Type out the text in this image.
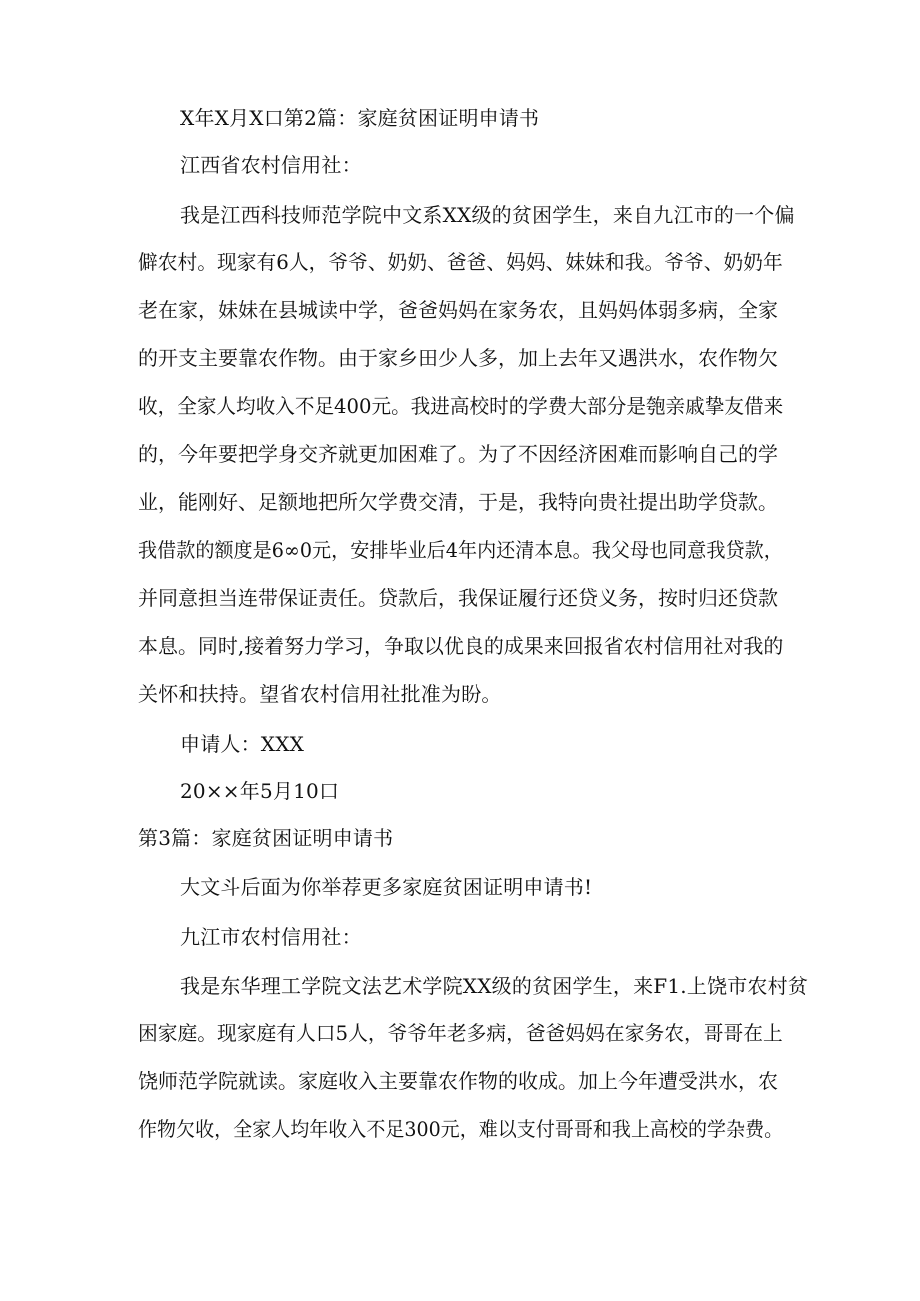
X年X月X口第2篇：家庭贫困证明申请书
江西省农村信用社：
我是江西科技师范学院中文系XX级的贫困学生，来自九江市的一个偏
僻农村。现家有6人，爷爷、奶奶、爸爸、妈妈、妹妹和我。爷爷、奶奶年
老在家，妹妹在县城读中学，爸爸妈妈在家务农，且妈妈体弱多病，全家
的开支主要靠农作物。由于家乡田少人多，加上去年又遇洪水，农作物欠
收，全家人均收入不足400元。我进高校时的学费大部分是匏亲戚挚友借来
的，今年要把学身交齐就更加困难了。为了不因经济困难而影响自己的学
业，能刚好、足额地把所欠学费交清，于是，我特向贵社提出助学贷款。
我借款的额度是6∞0元，安排毕业后4年内还清本息。我父母也同意我贷款，
并同意担当连带保证责任。贷款后，我保证履行还贷义务，按时归还贷款
本息。同时,接着努力学习，争取以优良的成果来回报省农村信用社对我的
关怀和扶持。望省农村信用社批准为盼。
申请人：XXX
20××年5月10口
第3篇：家庭贫困证明申请书
大文斗后面为你举荐更多家庭贫困证明申请书!
九江市农村信用社：
我是东华理工学院文法艺术学院XX级的贫困学生，来F1.上饶市农村贫
困家庭。现家庭有人口5人，爷爷年老多病，爸爸妈妈在家务农，哥哥在上
饶师范学院就读。家庭收入主要靠农作物的收成。加上今年遭受洪水，农
作物欠收，全家人均年收入不足300元，难以支付哥哥和我上高校的学杂费。
